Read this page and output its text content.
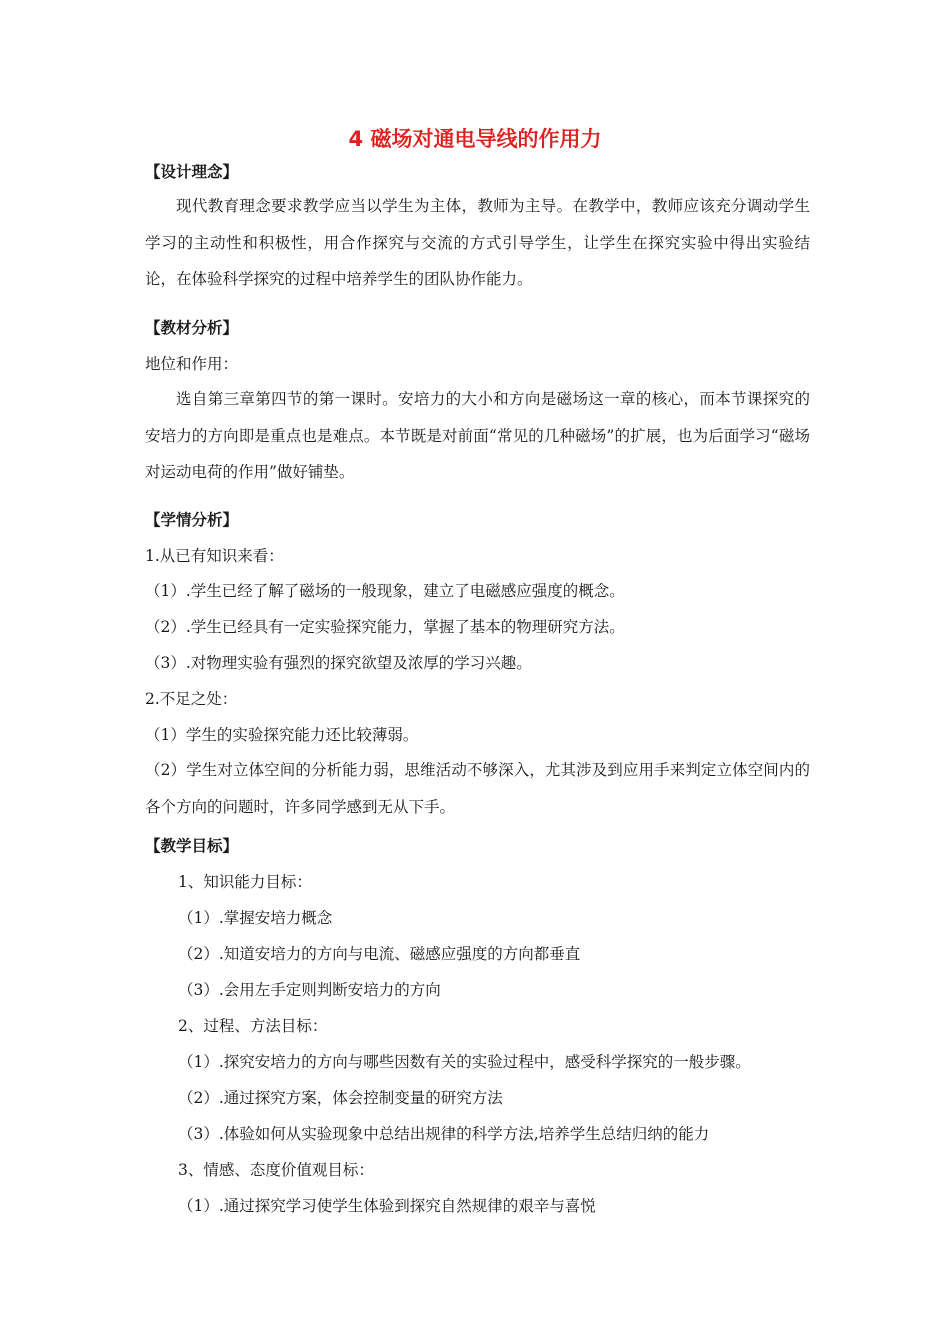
4 磁场对通电导线的作用力
【设计理念】
现代教育理念要求教学应当以学生为主体，教师为主导。在教学中，教师应该充分调动学生学习的主动性和积极性，用合作探究与交流的方式引导学生，让学生在探究实验中得出实验结论，在体验科学探究的过程中培养学生的团队协作能力。
【教材分析】
地位和作用：
选自第三章第四节的第一课时。安培力的大小和方向是磁场这一章的核心，而本节课探究的安培力的方向即是重点也是难点。本节既是对前面“常见的几种磁场”的扩展，也为后面学习“磁场对运动电荷的作用”做好铺垫。
【学情分析】
1.从已有知识来看：
（1）.学生已经了解了磁场的一般现象，建立了电磁感应强度的概念。
（2）.学生已经具有一定实验探究能力，掌握了基本的物理研究方法。
（3）.对物理实验有强烈的探究欲望及浓厚的学习兴趣。
2.不足之处：
（1）学生的实验探究能力还比较薄弱。
（2）学生对立体空间的分析能力弱，思维活动不够深入，尤其涉及到应用手来判定立体空间内的各个方向的问题时，许多同学感到无从下手。
【教学目标】
1、知识能力目标：
（1）.掌握安培力概念
（2）.知道安培力的方向与电流、磁感应强度的方向都垂直
（3）.会用左手定则判断安培力的方向
2、过程、方法目标：
（1）.探究安培力的方向与哪些因数有关的实验过程中，感受科学探究的一般步骤。
（2）.通过探究方案，体会控制变量的研究方法
（3）.体验如何从实验现象中总结出规律的科学方法,培养学生总结归纳的能力
3、情感、态度价值观目标：
（1）.通过探究学习使学生体验到探究自然规律的艰辛与喜悦
